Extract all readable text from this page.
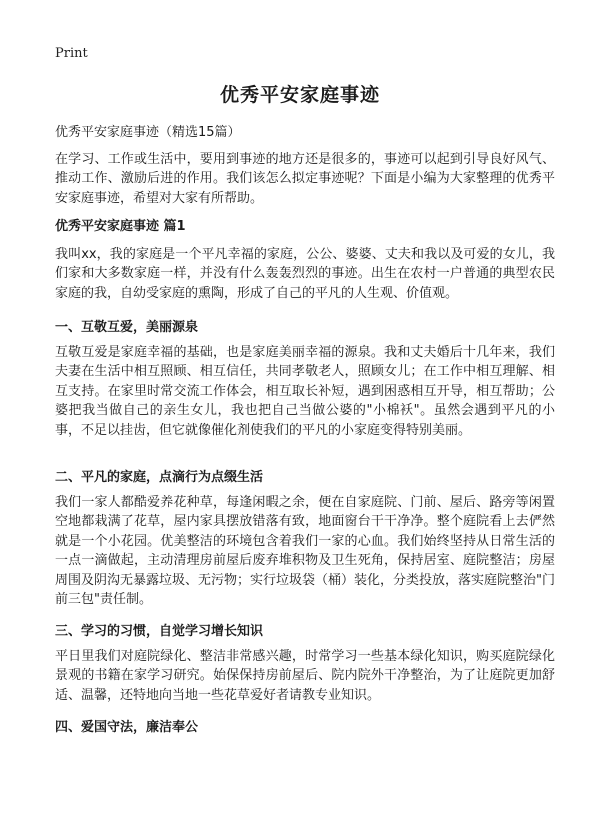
Print
优秀平安家庭事迹
优秀平安家庭事迹（精选15篇）

在学习、工作或生活中，要用到事迹的地方还是很多的，事迹可以起到引导良好风气、推动工作、激励后进的作用。我们该怎么拟定事迹呢？下面是小编为大家整理的优秀平安家庭事迹，希望对大家有所帮助。

优秀平安家庭事迹 篇1

我叫xx，我的家庭是一个平凡幸福的家庭，公公、婆婆、丈夫和我以及可爱的女儿，我们家和大多数家庭一样，并没有什么轰轰烈烈的事迹。出生在农村一户普通的典型农民家庭的我，自幼受家庭的熏陶，形成了自己的平凡的人生观、价值观。

一、互敬互爱，美丽源泉

互敬互爱是家庭幸福的基础，也是家庭美丽幸福的源泉。我和丈夫婚后十几年来，我们夫妻在生活中相互照顾、相互信任，共同孝敬老人，照顾女儿；在工作中相互理解、相互支持。在家里时常交流工作体会，相互取长补短，遇到困惑相互开导，相互帮助；公婆把我当做自己的亲生女儿，我也把自己当做公婆的"小棉袄"。虽然会遇到平凡的小事，不足以挂齿，但它就像催化剂使我们的平凡的小家庭变得特别美丽。

二、平凡的家庭，点滴行为点缀生活

我们一家人都酷爱养花种草，每逢闲暇之余，便在自家庭院、门前、屋后、路旁等闲置空地都栽满了花草，屋内家具摆放错落有致，地面窗台干干净净。整个庭院看上去俨然就是一个小花园。优美整洁的环境包含着我们一家的心血。我们始终坚持从日常生活的一点一滴做起，主动清理房前屋后废弃堆积物及卫生死角，保持居室、庭院整洁；房屋周围及阴沟无暴露垃圾、无污物；实行垃圾袋（桶）装化，分类投放，落实庭院整治"门前三包"责任制。

三、学习的习惯，自觉学习增长知识

平日里我们对庭院绿化、整洁非常感兴趣，时常学习一些基本绿化知识，购买庭院绿化景观的书籍在家学习研究。始保保持房前屋后、院内院外干净整治，为了让庭院更加舒适、温馨，还特地向当地一些花草爱好者请教专业知识。

四、爱国守法，廉洁奉公
